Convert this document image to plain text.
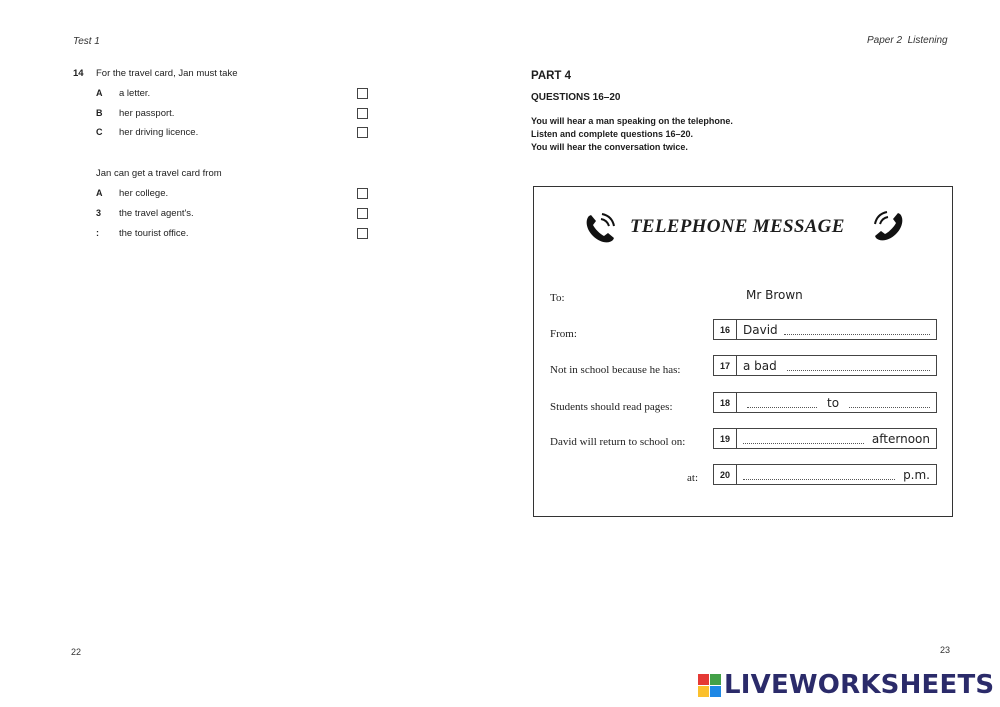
Test 1	Paper 2 Listening
14 For the travel card, Jan must take
A a letter.
B her passport.
C her driving licence.
Jan can get a travel card from
A her college.
3 the travel agent's.
: the tourist office.
22
PART 4
QUESTIONS 16–20
You will hear a man speaking on the telephone.
Listen and complete questions 16–20.
You will hear the conversation twice.
TELEPHONE MESSAGE
To:	Mr Brown
From:	16	David
Not in school because he has:	17	a bad
Students should read pages:	18	to
David will return to school on:	19	afternoon
at:	20	p.m.
23
LIVEWORKSHEETS
